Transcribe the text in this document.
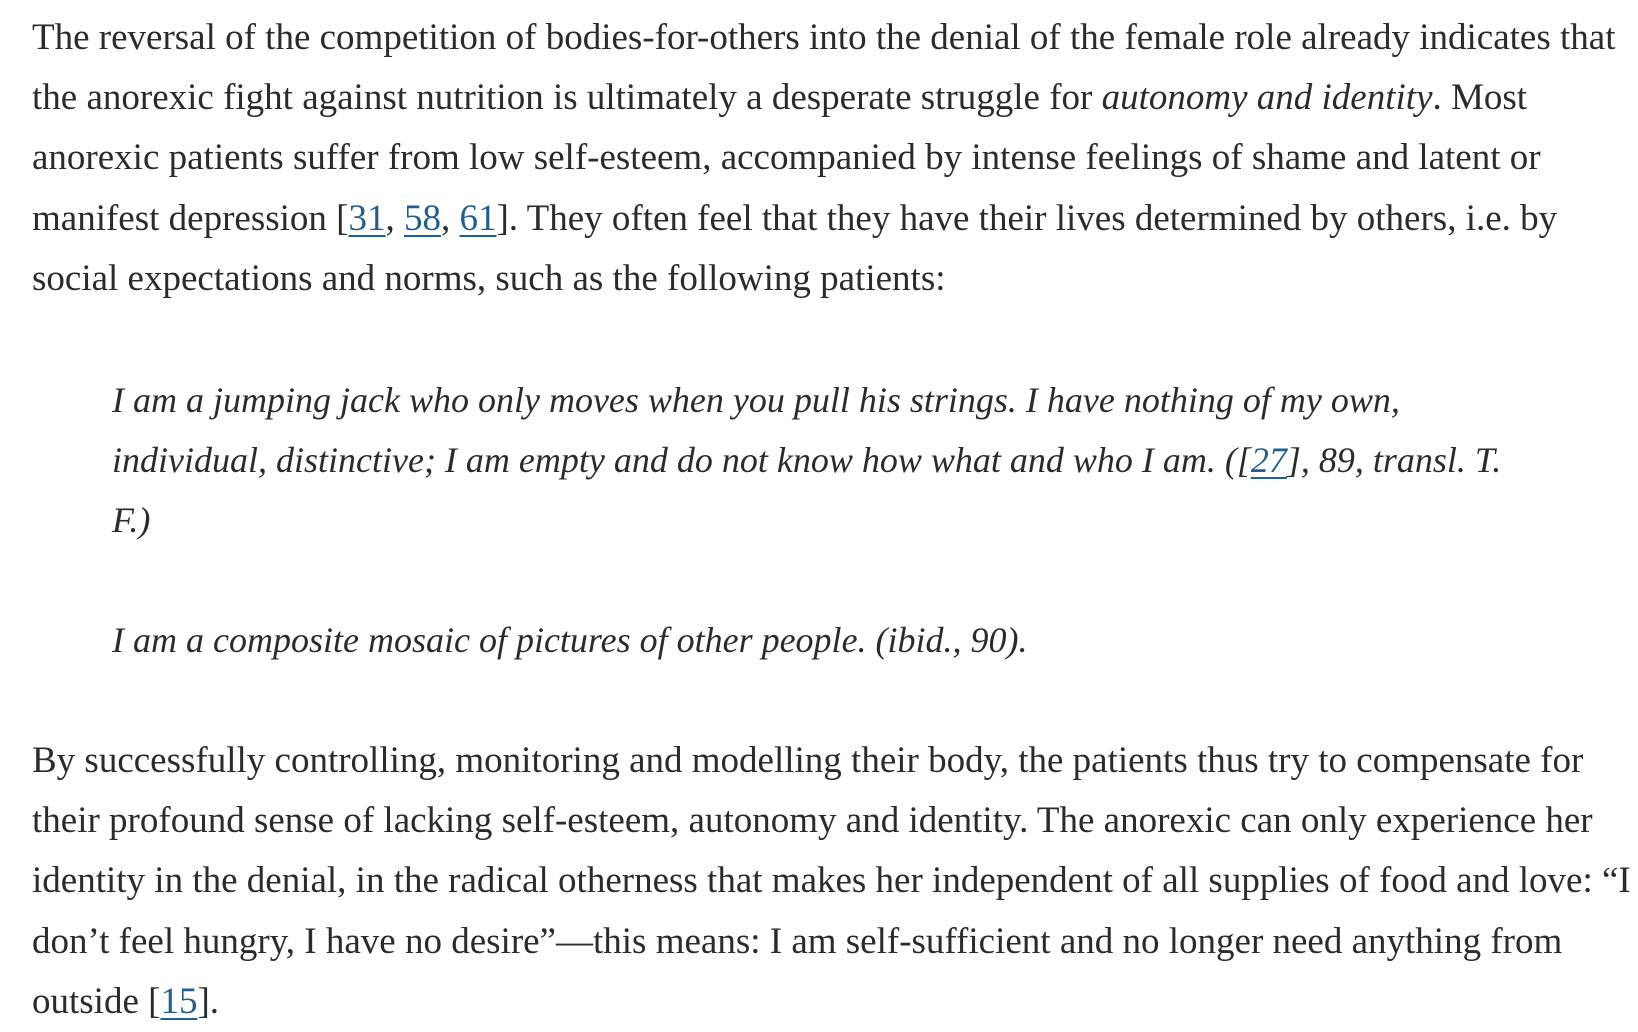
The reversal of the competition of bodies-for-others into the denial of the female role already indicates that the anorexic fight against nutrition is ultimately a desperate struggle for autonomy and identity. Most anorexic patients suffer from low self-esteem, accompanied by intense feelings of shame and latent or manifest depression [31, 58, 61]. They often feel that they have their lives determined by others, i.e. by social expectations and norms, such as the following patients:

I am a jumping jack who only moves when you pull his strings. I have nothing of my own, individual, distinctive; I am empty and do not know how what and who I am. ([27], 89, transl. T. F.)

I am a composite mosaic of pictures of other people. (ibid., 90).

By successfully controlling, monitoring and modelling their body, the patients thus try to compensate for their profound sense of lacking self-esteem, autonomy and identity. The anorexic can only experience her identity in the denial, in the radical otherness that makes her independent of all supplies of food and love: “I don’t feel hungry, I have no desire”—this means: I am self-sufficient and no longer need anything from outside [15].
